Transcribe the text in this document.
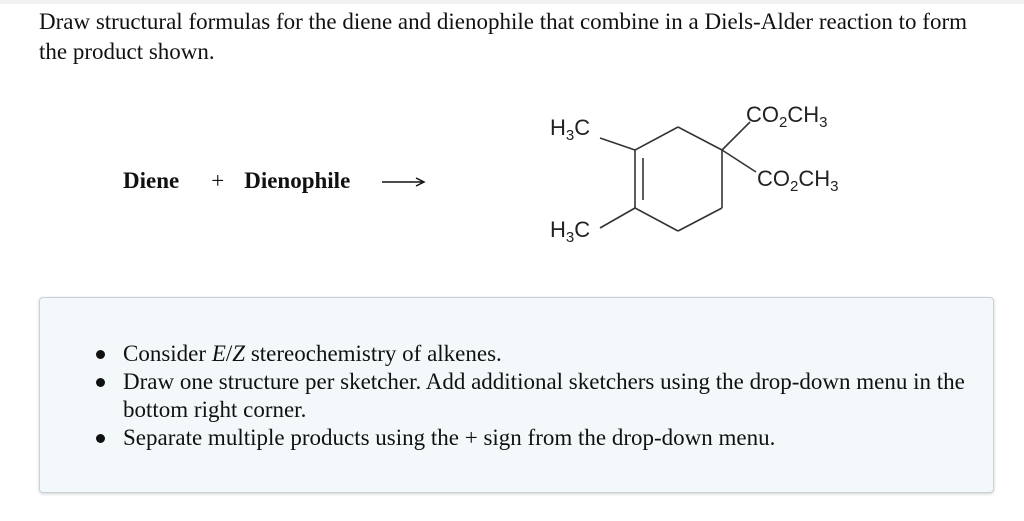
Draw structural formulas for the diene and dienophile that combine in a Diels-Alder reaction to form the product shown.

Diene + Dienophile
$H_3C$
$H_3C$
$CO_2CH_3$
$CO_2CH_3$
Consider E/Z stereochemistry of alkenes.
Draw one structure per sketcher. Add additional sketchers using the drop-down menu in the bottom right corner.
Separate multiple products using the + sign from the drop-down menu.
